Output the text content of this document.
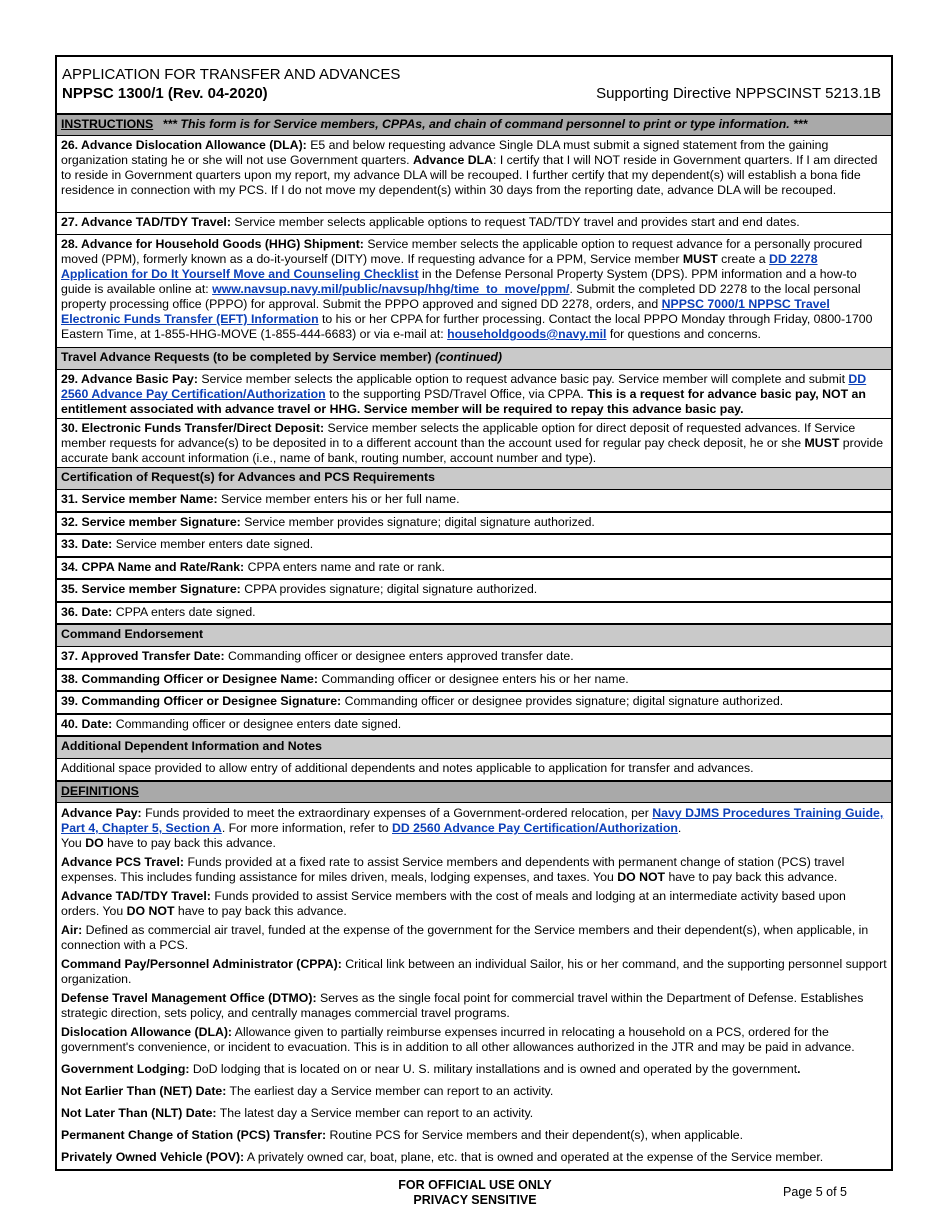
APPLICATION FOR TRANSFER AND ADVANCES
NPPSC 1300/1 (Rev. 04-2020)	Supporting Directive NPPSCINST 5213.1B
INSTRUCTIONS *** This form is for Service members, CPPAs, and chain of command personnel to print or type information. ***
26. Advance Dislocation Allowance (DLA): E5 and below requesting advance Single DLA must submit a signed statement from the gaining organization stating he or she will not use Government quarters. Advance DLA: I certify that I will NOT reside in Government quarters. If I am directed to reside in Government quarters upon my report, my advance DLA will be recouped. I further certify that my dependent(s) will establish a bona fide residence in connection with my PCS. If I do not move my dependent(s) within 30 days from the reporting date, advance DLA will be recouped.
27. Advance TAD/TDY Travel: Service member selects applicable options to request TAD/TDY travel and provides start and end dates.
28. Advance for Household Goods (HHG) Shipment: Service member selects the applicable option to request advance for a personally procured moved (PPM), formerly known as a do-it-yourself (DITY) move. If requesting advance for a PPM, Service member MUST create a DD 2278 Application for Do It Yourself Move and Counseling Checklist in the Defense Personal Property System (DPS). PPM information and a how-to guide is available online at: www.navsup.navy.mil/public/navsup/hhg/time_to_move/ppm/. Submit the completed DD 2278 to the local personal property processing office (PPPO) for approval. Submit the PPPO approved and signed DD 2278, orders, and NPPSC 7000/1 NPPSC Travel Electronic Funds Transfer (EFT) Information to his or her CPPA for further processing. Contact the local PPPO Monday through Friday, 0800-1700 Eastern Time, at 1-855-HHG-MOVE (1-855-444-6683) or via e-mail at: householdgoods@navy.mil for questions and concerns.
Travel Advance Requests (to be completed by Service member) (continued)
29. Advance Basic Pay: Service member selects the applicable option to request advance basic pay. Service member will complete and submit DD 2560 Advance Pay Certification/Authorization to the supporting PSD/Travel Office, via CPPA. This is a request for advance basic pay, NOT an entitlement associated with advance travel or HHG. Service member will be required to repay this advance basic pay.
30. Electronic Funds Transfer/Direct Deposit: Service member selects the applicable option for direct deposit of requested advances. If Service member requests for advance(s) to be deposited in to a different account than the account used for regular pay check deposit, he or she MUST provide accurate bank account information (i.e., name of bank, routing number, account number and type).
Certification of Request(s) for Advances and PCS Requirements
31. Service member Name: Service member enters his or her full name.
32. Service member Signature: Service member provides signature; digital signature authorized.
33. Date: Service member enters date signed.
34. CPPA Name and Rate/Rank: CPPA enters name and rate or rank.
35. Service member Signature: CPPA provides signature; digital signature authorized.
36. Date: CPPA enters date signed.
Command Endorsement
37. Approved Transfer Date: Commanding officer or designee enters approved transfer date.
38. Commanding Officer or Designee Name: Commanding officer or designee enters his or her name.
39. Commanding Officer or Designee Signature: Commanding officer or designee provides signature; digital signature authorized.
40. Date: Commanding officer or designee enters date signed.
Additional Dependent Information and Notes
Additional space provided to allow entry of additional dependents and notes applicable to application for transfer and advances.
DEFINITIONS

Advance Pay: Funds provided to meet the extraordinary expenses of a Government-ordered relocation, per Navy DJMS Procedures Training Guide, Part 4, Chapter 5, Section A. For more information, refer to DD 2560 Advance Pay Certification/Authorization.
You DO have to pay back this advance.

Advance PCS Travel: Funds provided at a fixed rate to assist Service members and dependents with permanent change of station (PCS) travel expenses. This includes funding assistance for miles driven, meals, lodging expenses, and taxes. You DO NOT have to pay back this advance.

Advance TAD/TDY Travel: Funds provided to assist Service members with the cost of meals and lodging at an intermediate activity based upon orders. You DO NOT have to pay back this advance.

Air: Defined as commercial air travel, funded at the expense of the government for the Service members and their dependent(s), when applicable, in connection with a PCS.

Command Pay/Personnel Administrator (CPPA): Critical link between an individual Sailor, his or her command, and the supporting personnel support organization.

Defense Travel Management Office (DTMO): Serves as the single focal point for commercial travel within the Department of Defense. Establishes strategic direction, sets policy, and centrally manages commercial travel programs.

Dislocation Allowance (DLA): Allowance given to partially reimburse expenses incurred in relocating a household on a PCS, ordered for the government's convenience, or incident to evacuation. This is in addition to all other allowances authorized in the JTR and may be paid in advance.

Government Lodging: DoD lodging that is located on or near U. S. military installations and is owned and operated by the government.

Not Earlier Than (NET) Date: The earliest day a Service member can report to an activity.

Not Later Than (NLT) Date: The latest day a Service member can report to an activity.

Permanent Change of Station (PCS) Transfer: Routine PCS for Service members and their dependent(s), when applicable.

Privately Owned Vehicle (POV): A privately owned car, boat, plane, etc. that is owned and operated at the expense of the Service member.

FOR OFFICIAL USE ONLY
PRIVACY SENSITIVE
Page 5 of 5
